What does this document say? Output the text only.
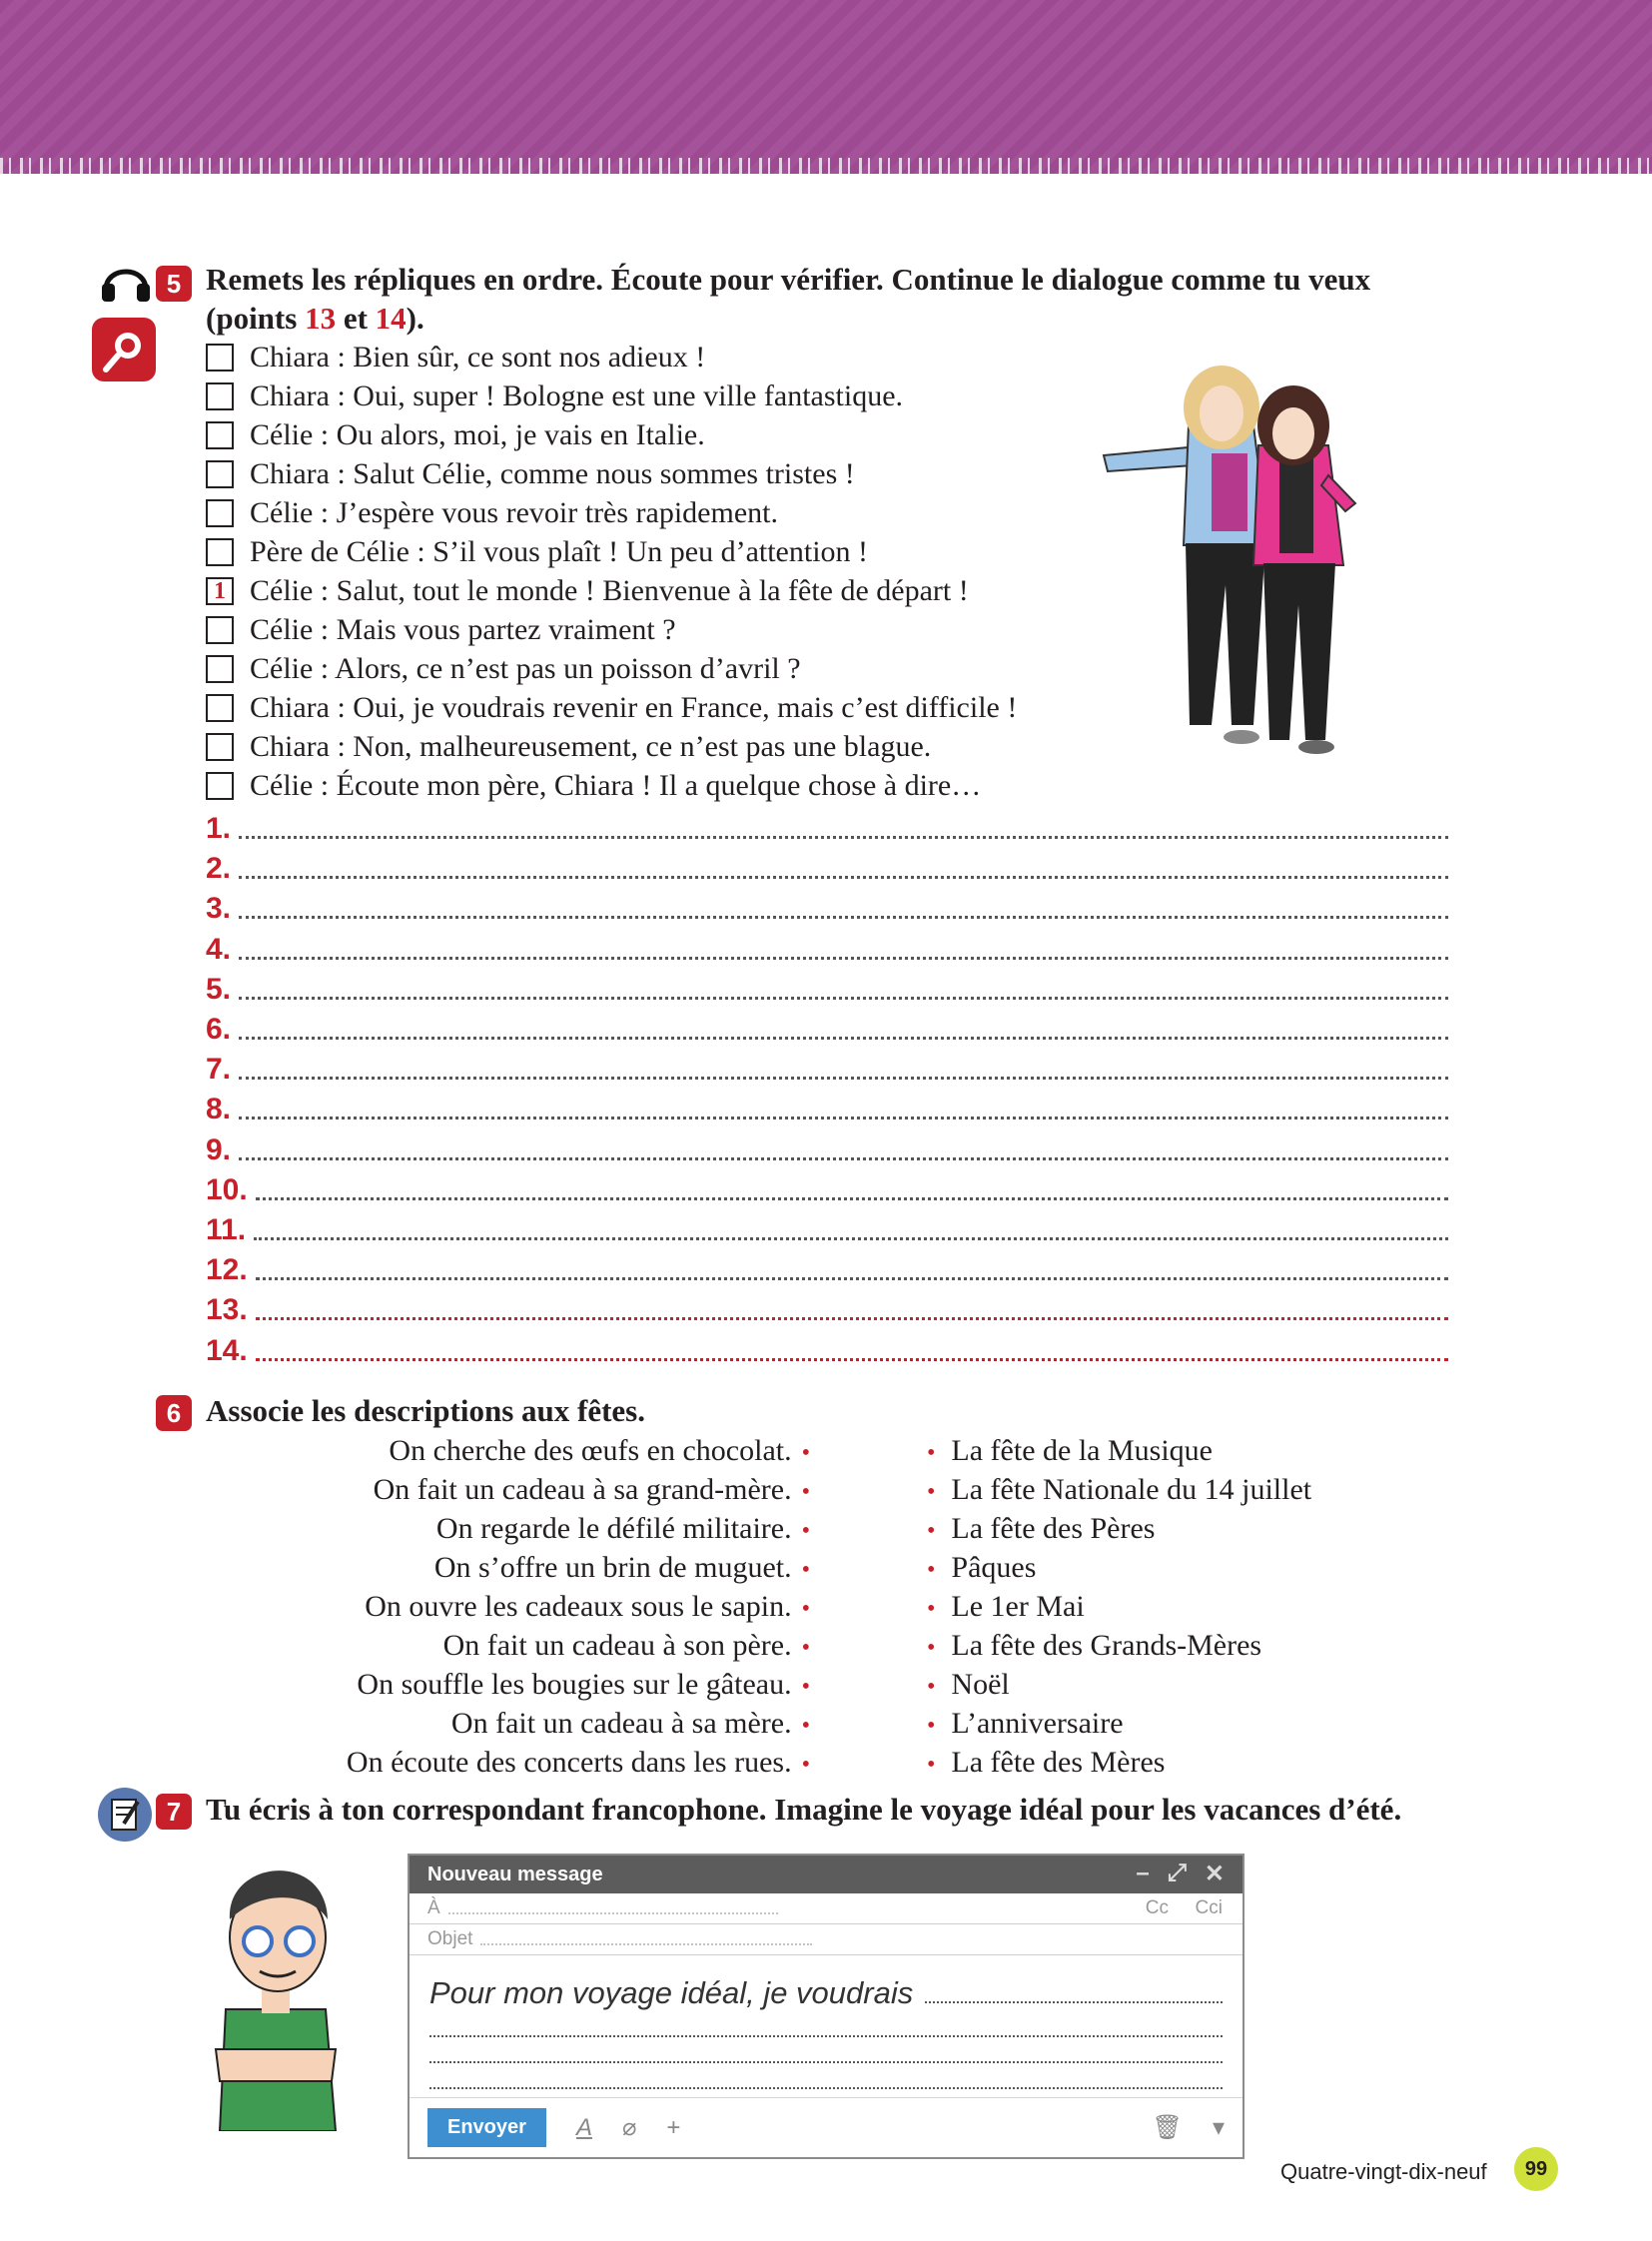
5 Remets les répliques en ordre. Écoute pour vérifier. Continue le dialogue comme tu veux
(points 13 et 14).
Chiara : Bien sûr, ce sont nos adieux !
Chiara : Oui, super ! Bologne est une ville fantastique.
Célie : Ou alors, moi, je vais en Italie.
Chiara : Salut Célie, comme nous sommes tristes !
Célie : J’espère vous revoir très rapidement.
Père de Célie : S’il vous plaît ! Un peu d’attention !
1 Célie : Salut, tout le monde ! Bienvenue à la fête de départ !
Célie : Mais vous partez vraiment ?
Célie : Alors, ce n’est pas un poisson d’avril ?
Chiara : Oui, je voudrais revenir en France, mais c’est difficile !
Chiara : Non, malheureusement, ce n’est pas une blague.
Célie : Écoute mon père, Chiara ! Il a quelque chose à dire…
1.
2.
3.
4.
5.
6.
7.
8.
9.
10.
11.
12.
13.
14.
6 Associe les descriptions aux fêtes.
On cherche des œufs en chocolat. •
On fait un cadeau à sa grand-mère. •
On regarde le défilé militaire. •
On s’offre un brin de muguet. •
On ouvre les cadeaux sous le sapin. •
On fait un cadeau à son père. •
On souffle les bougies sur le gâteau. •
On fait un cadeau à sa mère. •
On écoute des concerts dans les rues. •
• La fête de la Musique
• La fête Nationale du 14 juillet
• La fête des Pères
• Pâques
• Le 1er Mai
• La fête des Grands-Mères
• Noël
• L’anniversaire
• La fête des Mères
7 Tu écris à ton correspondant francophone. Imagine le voyage idéal pour les vacances d’été.
Nouveau message	– ⤢ ✕
À	Cc Cci
Objet
Pour mon voyage idéal, je voudrais
Envoyer	A ⌀ +	🗑 ▾
Quatre-vingt-dix-neuf	99
